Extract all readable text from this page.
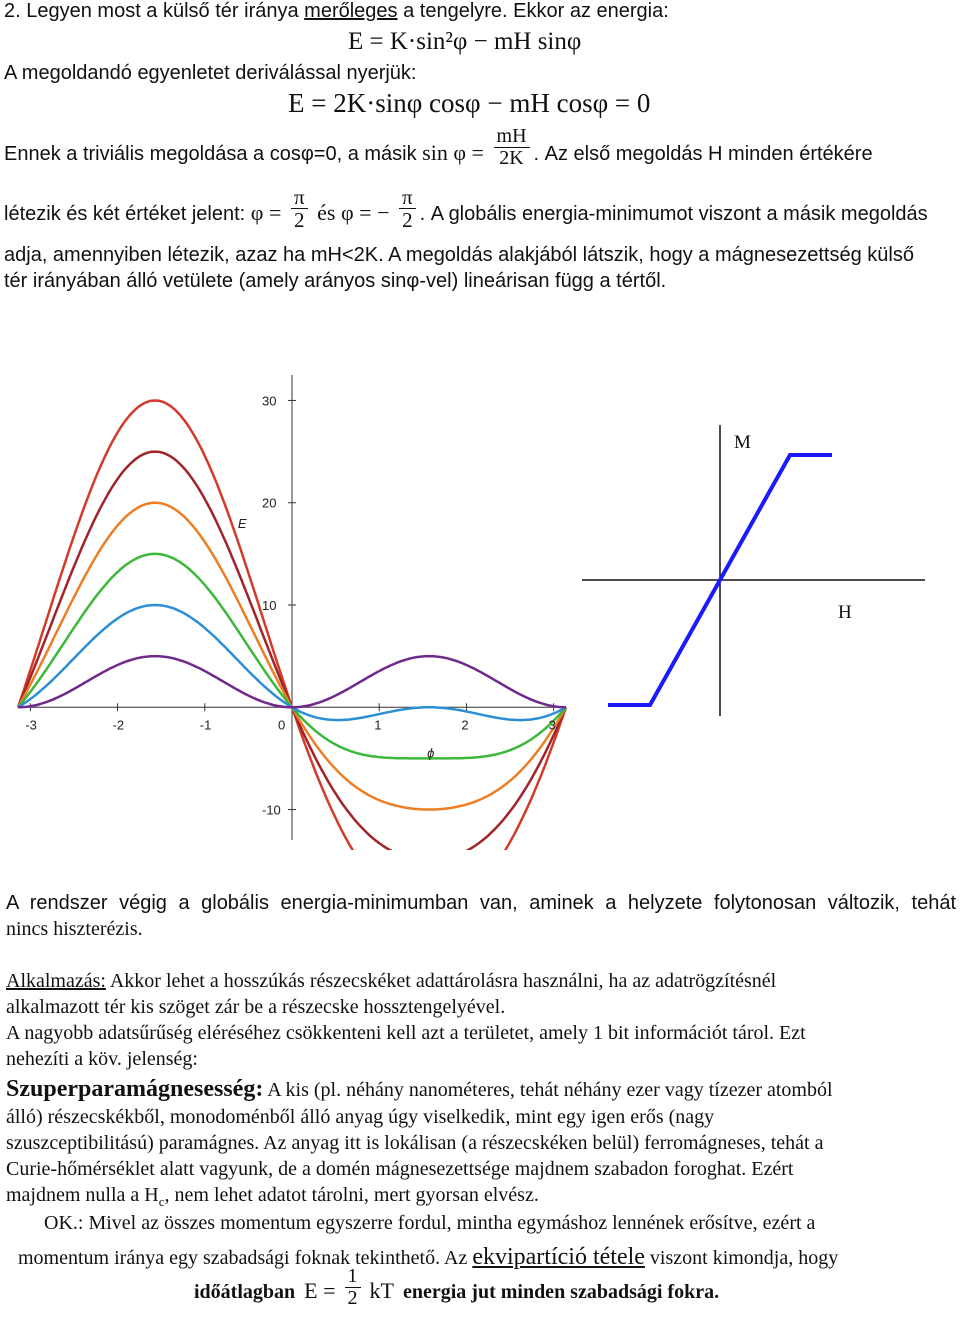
2. Legyen most a külső tér iránya merőleges a tengelyre. Ekkor az energia:
E = K·sin²φ − mH sinφ
A megoldandó egyenletet deriválással nyerjük:
E = 2K·sinφ cosφ − mH cosφ = 0
Ennek a triviális megoldása a cosφ=0, a másik $\sin \varphi = \frac{mH}{2K}$ . Az első megoldás H minden értékére
létezik és két értéket jelent: $\varphi = \frac{\pi}{2}$ és φ = − $\frac{\pi}{2}$ . A globális energia-minimumot viszont a másik megoldás
adja, amennyiben létezik, azaz ha mH<2K. A megoldás alakjából látszik, hogy a mágnesezettség külső
tér irányában álló vetülete (amely arányos sinφ-vel) lineárisan függ a tértől.
-3	-2	-1	0	1	2	3
30
20
10
-10
E
ϕ
M
H
A rendszer végig a globális energia-minimumban van, aminek a helyzete folytonosan változik, tehát
nincs hiszterézis.
Alkalmazás: Akkor lehet a hosszúkás részecskéket adattárolásra használni, ha az adatrögzítésnél
alkalmazott tér kis szöget zár be a részecske hossztengelyével.
A nagyobb adatsűrűség eléréséhez csökkenteni kell azt a területet, amely 1 bit információt tárol. Ezt
nehezíti a köv. jelenség:
Szuperparamágnesesség: A kis (pl. néhány nanométeres, tehát néhány ezer vagy tízezer atomból
álló) részecskékből, monodoménből álló anyag úgy viselkedik, mint egy igen erős (nagy
szuszceptibilitású) paramágnes. Az anyag itt is lokálisan (a részecskéken belül) ferromágneses, tehát a
Curie-hőmérséklet alatt vagyunk, de a domén mágnesezettsége majdnem szabadon foroghat. Ezért
majdnem nulla a $H_c$, nem lehet adatot tárolni, mert gyorsan elvész.
OK.: Mivel az összes momentum egyszerre fordul, mintha egymáshoz lennének erősítve, ezért a
momentum iránya egy szabadsági foknak tekinthető. Az ekvipartíció tétele viszont kimondja, hogy
időátlagban $E = \frac{1}{2}$ kT energia jut minden szabadsági fokra.
